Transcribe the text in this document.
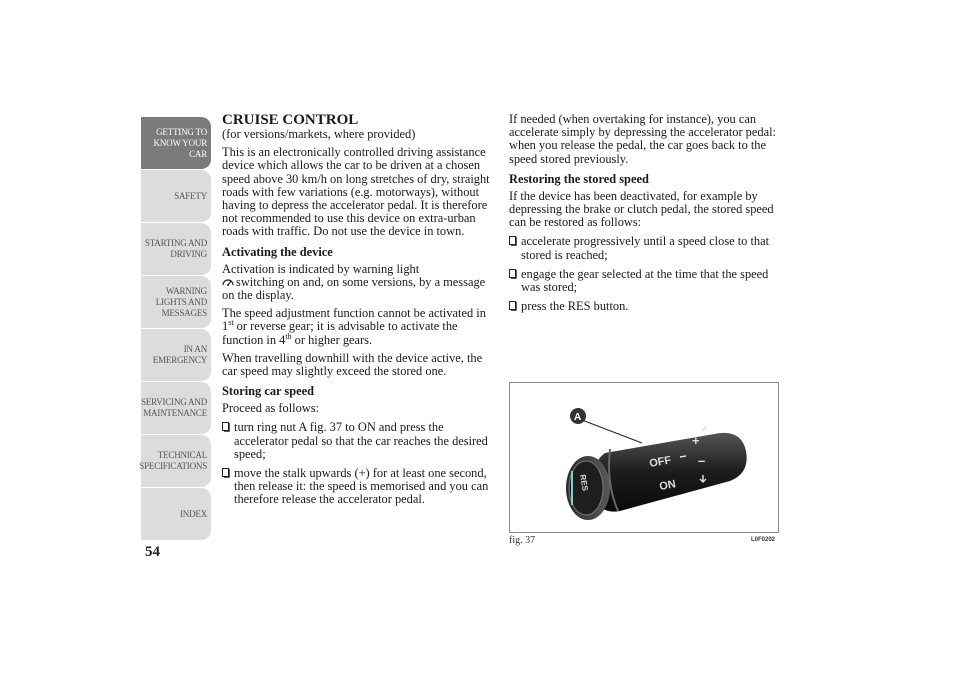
GETTING TO KNOW YOUR CAR
SAFETY
STARTING AND DRIVING
WARNING LIGHTS AND MESSAGES
IN AN EMERGENCY
SERVICING AND MAINTENANCE
TECHNICAL SPECIFICATIONS
INDEX
54
CRUISE CONTROL

(for versions/markets, where provided)

This is an electronically controlled driving assistance device which allows the car to be driven at a chosen speed above 30 km/h on long stretches of dry, straight roads with few variations (e.g. motorways), without having to depress the accelerator pedal. It is therefore not recommended to use this device on extra-urban roads with traffic. Do not use the device in town.

Activating the device

Activation is indicated by warning light
switching on and, on some versions, by a message on the display.

The speed adjustment function cannot be activated in 1st or reverse gear; it is advisable to activate the function in 4th or higher gears.

When travelling downhill with the device active, the car speed may slightly exceed the stored one.

Storing car speed

Proceed as follows:

turn ring nut A fig. 37 to ON and press the accelerator pedal so that the car reaches the desired speed;
move the stalk upwards (+) for at least one second, then release it: the speed is memorised and you can therefore release the accelerator pedal.

If needed (when overtaking for instance), you can accelerate simply by depressing the accelerator pedal: when you release the pedal, the car goes back to the speed stored previously.

Restoring the stored speed

If the device has been deactivated, for example by depressing the brake or clutch pedal, the stored speed can be restored as follows:

accelerate progressively until a speed close to that stored is reached;
engage the gear selected at the time that the speed was stored;
press the RES button.
RES
OFF
ON
+
–
A
fig. 37	L0F0202
